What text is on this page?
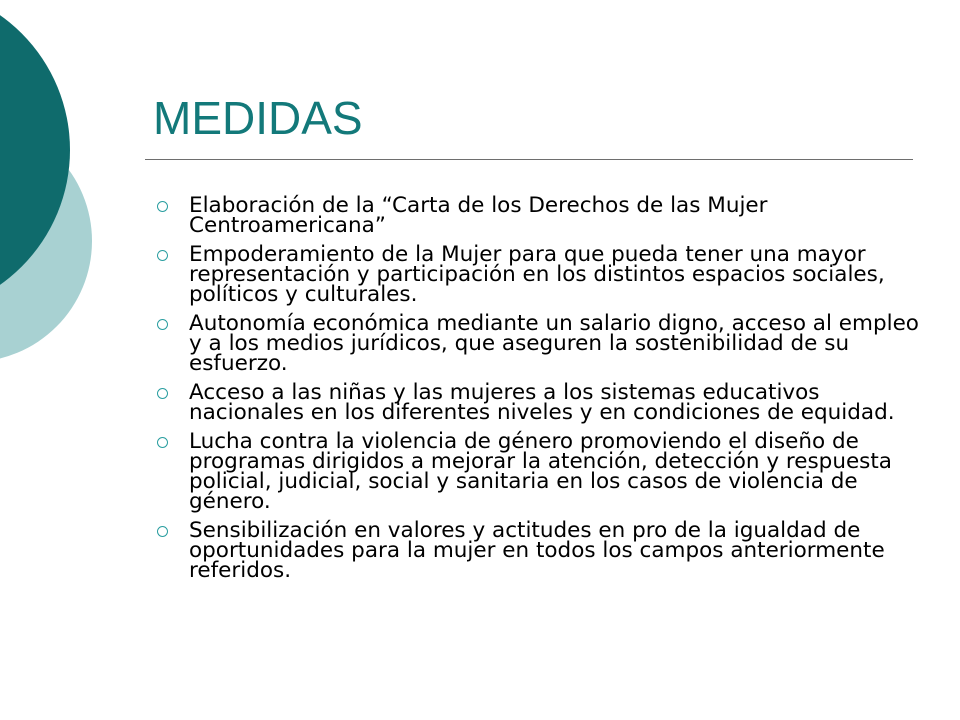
MEDIDAS
Elaboración de la “Carta de los Derechos de las Mujer Centroamericana”
Empoderamiento de la Mujer para que pueda tener una mayor representación y participación en los distintos espacios sociales, políticos y culturales.
Autonomía económica mediante un salario digno, acceso al empleo y a los medios jurídicos, que aseguren la sostenibilidad de su esfuerzo.
Acceso a las niñas y las mujeres a los sistemas educativos nacionales en los diferentes niveles y en condiciones de equidad.
Lucha contra la violencia de género promoviendo el diseño de programas dirigidos a mejorar la atención, detección y respuesta policial, judicial, social y sanitaria en los casos de violencia de género.
Sensibilización en valores y actitudes en pro de la igualdad de oportunidades para la mujer en todos los campos anteriormente referidos.
